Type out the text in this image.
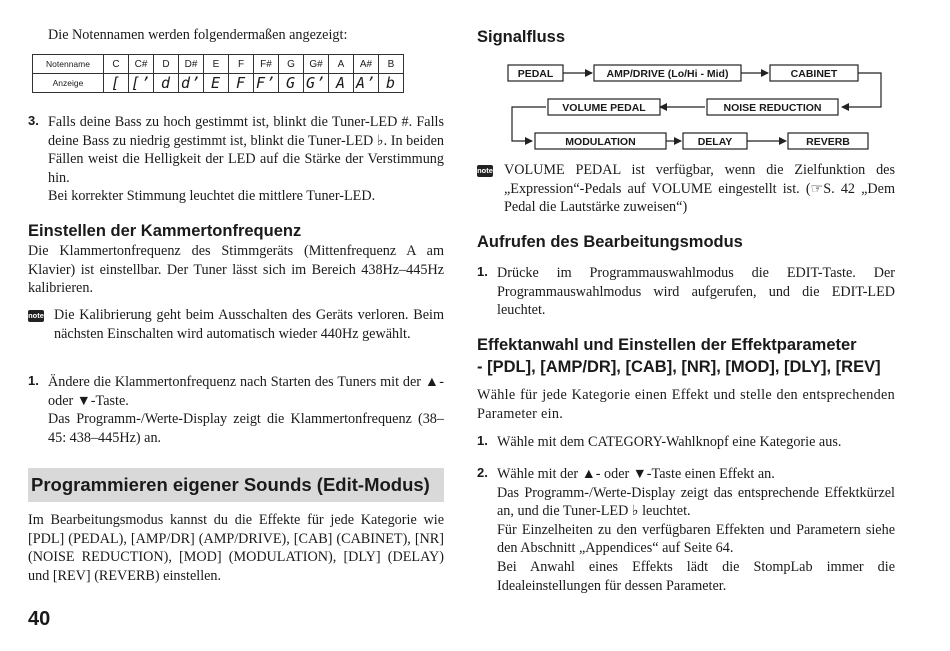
Die Notennamen werden folgendermaßen angezeigt:

Notenname	C	C#	D	D#	E	F	F#	G	G#	A	A#	B
Anzeige	[	[’	d	d’	E	F	F’	G	G’	A	A’	b
3. Falls deine Bass zu hoch gestimmt ist, blinkt die Tuner-LED #. Falls deine Bass zu niedrig gestimmt ist, blinkt die Tuner-LED ♭. In beiden Fällen weist die Helligkeit der LED auf die Stärke der Verstimmung hin.

Bei korrekter Stimmung leuchtet die mittlere Tuner-LED.

Einstellen der Kammertonfrequenz

Die Klammertonfrequenz des Stimmgeräts (Mittenfrequenz A am Klavier) ist einstellbar. Der Tuner lässt sich im Bereich 438Hz–445Hz kalibrieren.

note Die Kalibrierung geht beim Ausschalten des Geräts verloren. Beim nächsten Einschalten wird automatisch wieder 440Hz gewählt.

1. Ändere die Klammertonfrequenz nach Starten des Tuners mit der ▲- oder ▼-Taste.

Das Programm-/Werte-Display zeigt die Klammertonfrequenz (38–45: 438–445Hz) an.

Programmieren eigener Sounds (Edit-Modus)

Im Bearbeitungsmodus kannst du die Effekte für jede Kategorie wie [PDL] (PEDAL), [AMP/DR] (AMP/DRIVE), [CAB] (CABINET), [NR] (NOISE REDUCTION), [MOD] (MODULATION), [DLY] (DELAY) und [REV] (REVERB) einstellen.

40
Signalfluss
PEDAL	AMP/DRIVE (Lo/Hi - Mid)	CABINET
VOLUME PEDAL	NOISE REDUCTION
MODULATION	DELAY	REVERB
note VOLUME PEDAL ist verfügbar, wenn die Zielfunktion des „Expression“-Pedals auf VOLUME eingestellt ist. (☞S. 42 „Dem Pedal die Lautstärke zuweisen“)

Aufrufen des Bearbeitungsmodus
1. Drücke im Programmauswahlmodus die EDIT-Taste. Der Programmauswahlmodus wird aufgerufen, und die EDIT-LED leuchtet.

Effektanwahl und Einstellen der Effektparameter
- [PDL], [AMP/DR], [CAB], [NR], [MOD], [DLY], [REV]

Wähle für jede Kategorie einen Effekt und stelle den entsprechenden Parameter ein.

1. Wähle mit dem CATEGORY-Wahlknopf eine Kategorie aus.

2. Wähle mit der ▲- oder ▼-Taste einen Effekt an.

Das Programm-/Werte-Display zeigt das entsprechende Effektkürzel an, und die Tuner-LED ♭ leuchtet.

Für Einzelheiten zu den verfügbaren Effekten und Parametern siehe den Abschnitt „Appendices“ auf Seite 64.

Bei Anwahl eines Effekts lädt die StompLab immer die Idealeinstellungen für dessen Parameter.
